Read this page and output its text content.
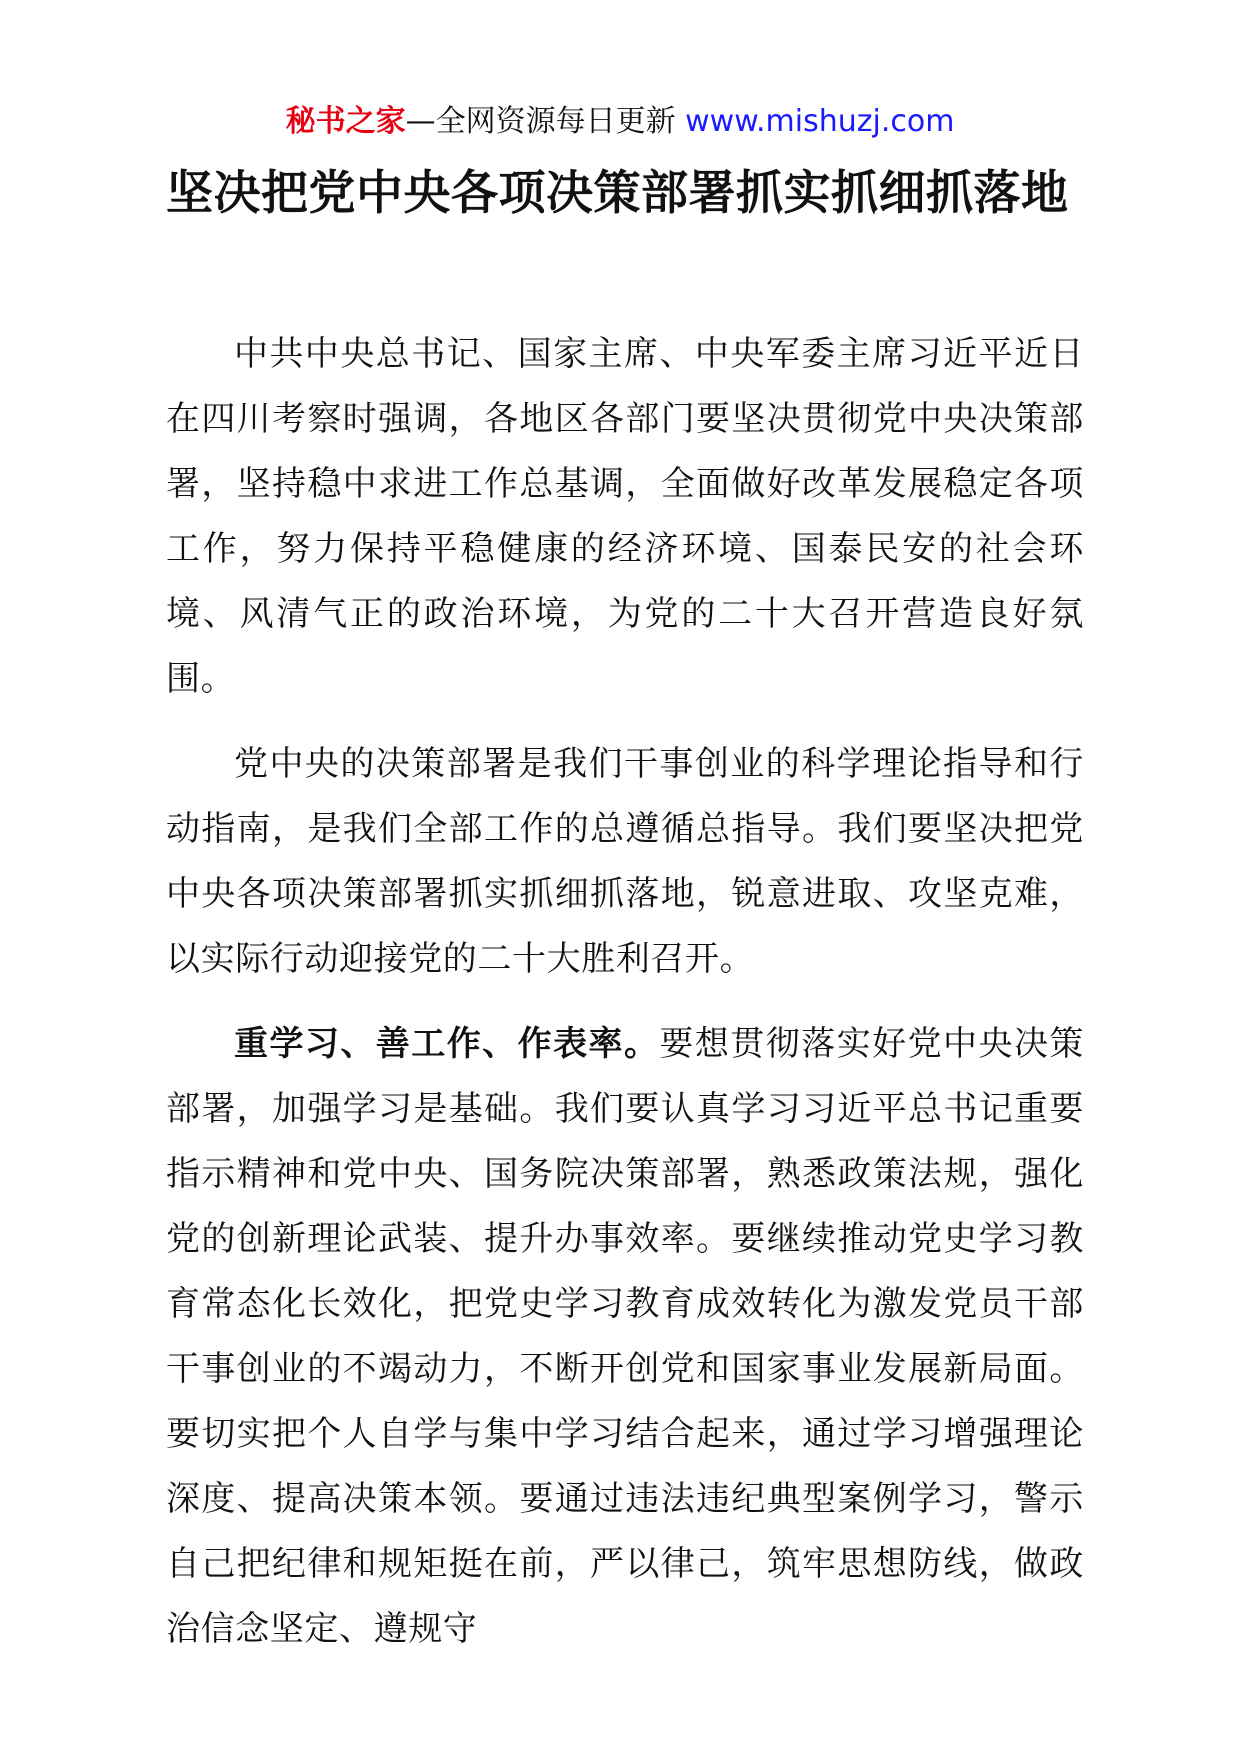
秘书之家—全网资源每日更新 www.mishuzj.com
坚决把党中央各项决策部署抓实抓细抓落地

中共中央总书记、国家主席、中央军委主席习近平近日在四川考察时强调，各地区各部门要坚决贯彻党中央决策部署，坚持稳中求进工作总基调，全面做好改革发展稳定各项工作，努力保持平稳健康的经济环境、国泰民安的社会环境、风清气正的政治环境，为党的二十大召开营造良好氛围。

党中央的决策部署是我们干事创业的科学理论指导和行动指南，是我们全部工作的总遵循总指导。我们要坚决把党中央各项决策部署抓实抓细抓落地，锐意进取、攻坚克难，以实际行动迎接党的二十大胜利召开。

重学习、善工作、作表率。要想贯彻落实好党中央决策部署，加强学习是基础。我们要认真学习习近平总书记重要指示精神和党中央、国务院决策部署，熟悉政策法规，强化党的创新理论武装、提升办事效率。要继续推动党史学习教育常态化长效化，把党史学习教育成效转化为激发党员干部干事创业的不竭动力，不断开创党和国家事业发展新局面。要切实把个人自学与集中学习结合起来，通过学习增强理论深度、提高决策本领。要通过违法违纪典型案例学习，警示自己把纪律和规矩挺在前，严以律己，筑牢思想防线，做政治信念坚定、遵规守
